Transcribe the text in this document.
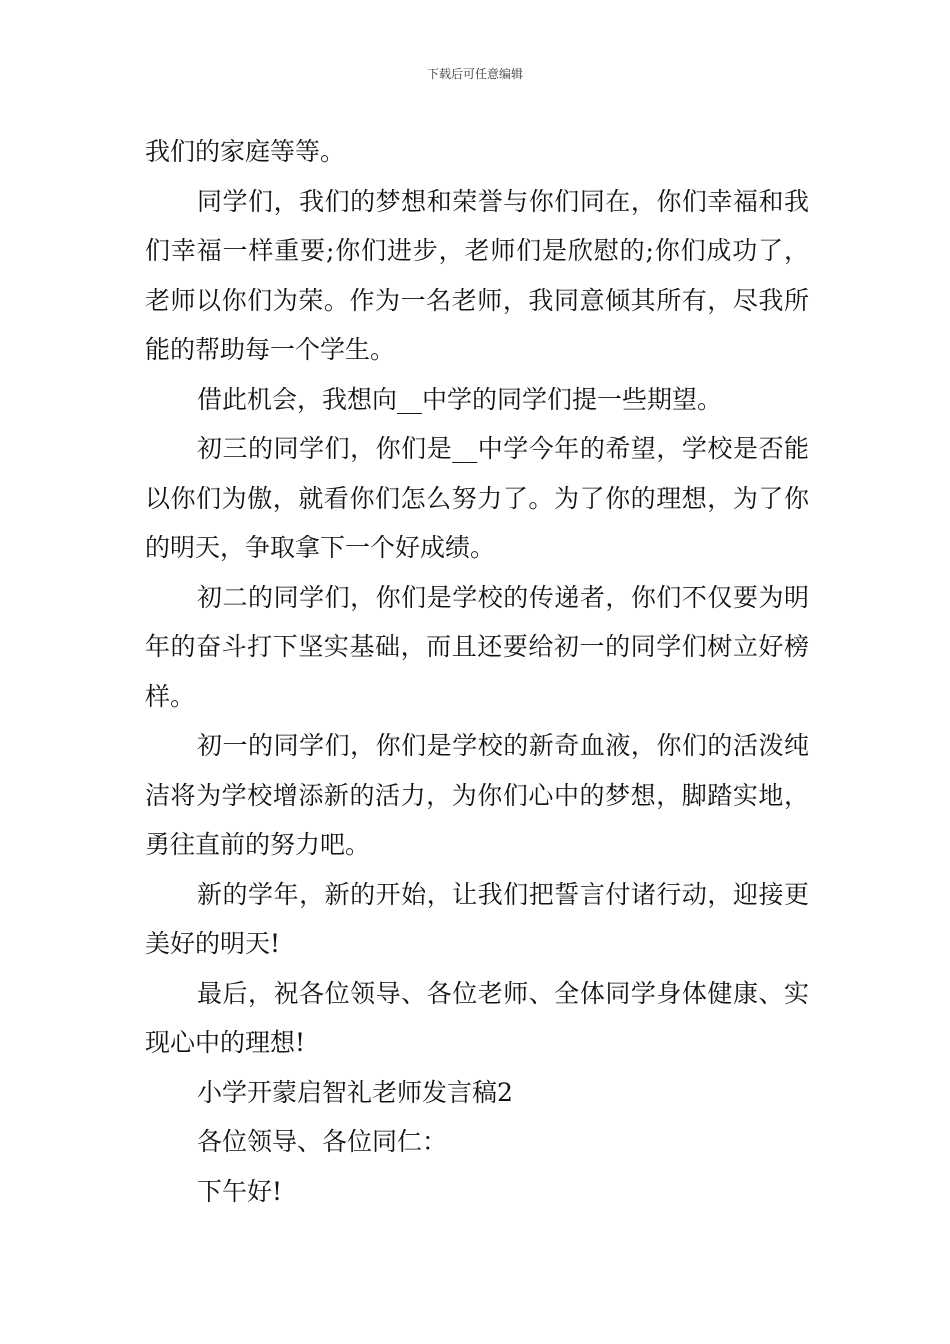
下载后可任意编辑

我们的家庭等等。

同学们，我们的梦想和荣誉与你们同在，你们幸福和我们幸福一样重要;你们进步，老师们是欣慰的;你们成功了，老师以你们为荣。作为一名老师，我同意倾其所有，尽我所能的帮助每一个学生。

借此机会，我想向__中学的同学们提一些期望。

初三的同学们，你们是__中学今年的希望，学校是否能以你们为傲，就看你们怎么努力了。为了你的理想，为了你的明天，争取拿下一个好成绩。

初二的同学们，你们是学校的传递者，你们不仅要为明年的奋斗打下坚实基础，而且还要给初一的同学们树立好榜样。

初一的同学们，你们是学校的新奇血液，你们的活泼纯洁将为学校增添新的活力，为你们心中的梦想，脚踏实地，勇往直前的努力吧。

新的学年，新的开始，让我们把誓言付诸行动，迎接更美好的明天!

最后，祝各位领导、各位老师、全体同学身体健康、实现心中的理想!

小学开蒙启智礼老师发言稿2

各位领导、各位同仁：

下午好!
